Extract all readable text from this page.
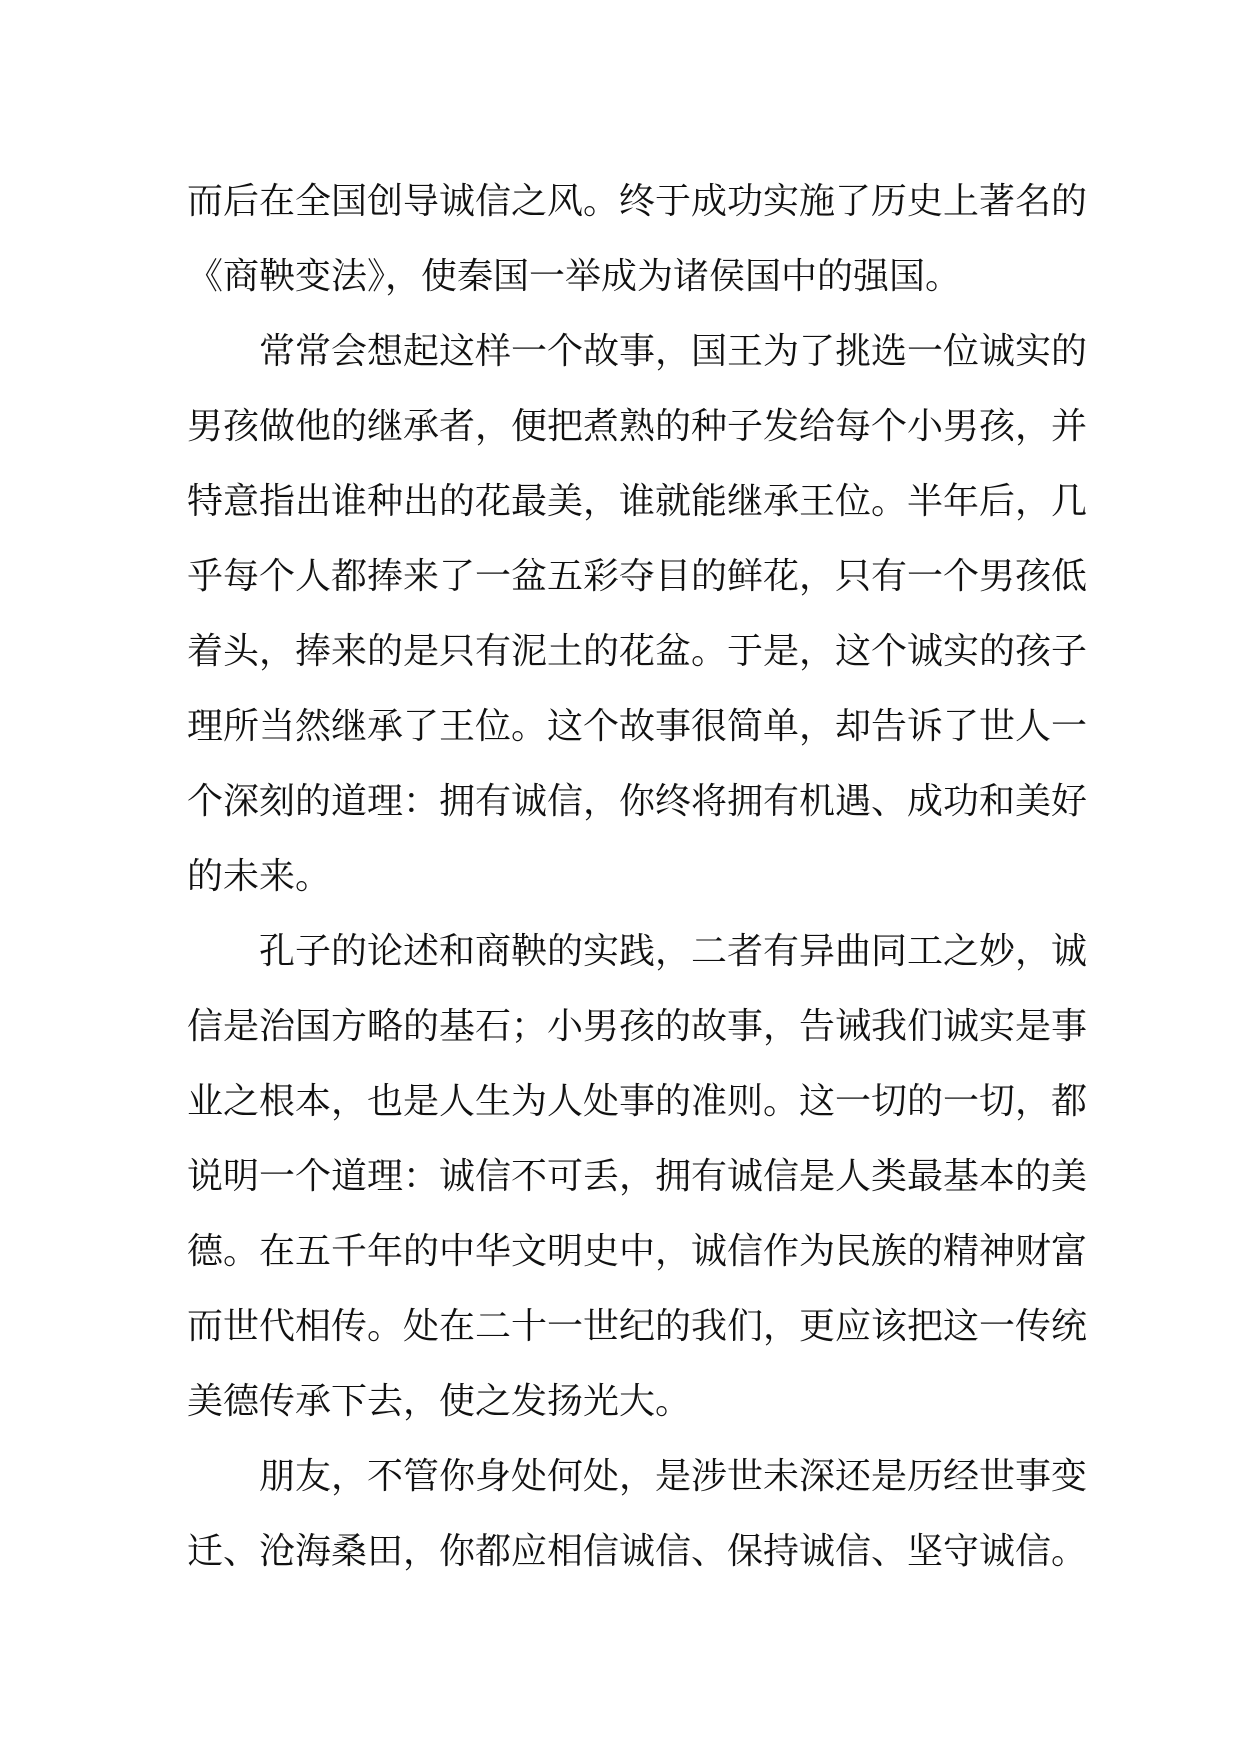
而后在全国创导诚信之风。终于成功实施了历史上著名的
《商鞅变法》，使秦国一举成为诸侯国中的强国。
常常会想起这样一个故事，国王为了挑选一位诚实的
男孩做他的继承者，便把煮熟的种子发给每个小男孩，并
特意指出谁种出的花最美，谁就能继承王位。半年后，几
乎每个人都捧来了一盆五彩夺目的鲜花，只有一个男孩低
着头，捧来的是只有泥土的花盆。于是，这个诚实的孩子
理所当然继承了王位。这个故事很简单，却告诉了世人一
个深刻的道理：拥有诚信，你终将拥有机遇、成功和美好
的未来。
孔子的论述和商鞅的实践，二者有异曲同工之妙，诚
信是治国方略的基石；小男孩的故事，告诫我们诚实是事
业之根本，也是人生为人处事的准则。这一切的一切，都
说明一个道理：诚信不可丢，拥有诚信是人类最基本的美
德。在五千年的中华文明史中，诚信作为民族的精神财富
而世代相传。处在二十一世纪的我们，更应该把这一传统
美德传承下去，使之发扬光大。
朋友，不管你身处何处，是涉世未深还是历经世事变
迁、沧海桑田，你都应相信诚信、保持诚信、坚守诚信。
